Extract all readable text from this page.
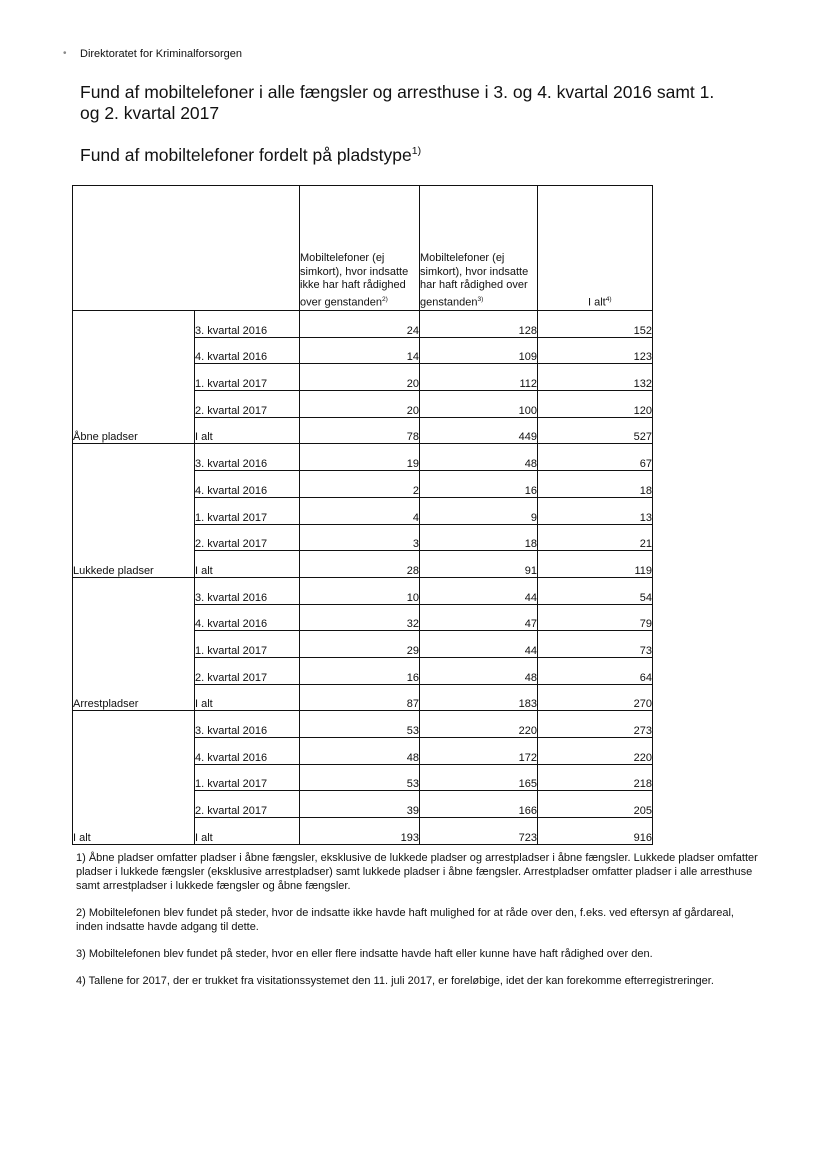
• Direktoratet for Kriminalforsorgen
Fund af mobiltelefoner i alle fængsler og arresthuse i 3. og 4. kvartal 2016 samt 1. og 2. kvartal 2017
Fund af mobiltelefoner fordelt på pladstype$^{1)}$

		Mobiltelefoner (ej simkort), hvor indsatte ikke har haft rådighed over genstanden$^{2)}$	Mobiltelefoner (ej simkort), hvor indsatte har haft rådighed over genstanden$^{3)}$	I alt$^{4)}$

Åbne pladser	3. kvartal 2016	24	128	152
	4. kvartal 2016	14	109	123
	1. kvartal 2017	20	112	132
	2. kvartal 2017	20	100	120
	I alt	78	449	527
Lukkede pladser	3. kvartal 2016	19	48	67
	4. kvartal 2016	2	16	18
	1. kvartal 2017	4	9	13
	2. kvartal 2017	3	18	21
	I alt	28	91	119
Arrestpladser	3. kvartal 2016	10	44	54
	4. kvartal 2016	32	47	79
	1. kvartal 2017	29	44	73
	2. kvartal 2017	16	48	64
	I alt	87	183	270
I alt	3. kvartal 2016	53	220	273
	4. kvartal 2016	48	172	220
	1. kvartal 2017	53	165	218
	2. kvartal 2017	39	166	205
	I alt	193	723	916

1) Åbne pladser omfatter pladser i åbne fængsler, eksklusive de lukkede pladser og arrestpladser i åbne fængsler. Lukkede pladser omfatter pladser i lukkede fængsler (eksklusive arrestpladser) samt lukkede pladser i åbne fængsler. Arrestpladser omfatter pladser i alle arresthuse samt arrestpladser i lukkede fængsler og åbne fængsler.

2) Mobiltelefonen blev fundet på steder, hvor de indsatte ikke havde haft mulighed for at råde over den, f.eks. ved eftersyn af gårdareal, inden indsatte havde adgang til dette.

3) Mobiltelefonen blev fundet på steder, hvor en eller flere indsatte havde haft eller kunne have haft rådighed over den.

4) Tallene for 2017, der er trukket fra visitationssystemet den 11. juli 2017, er foreløbige, idet der kan forekomme efterregistreringer.
